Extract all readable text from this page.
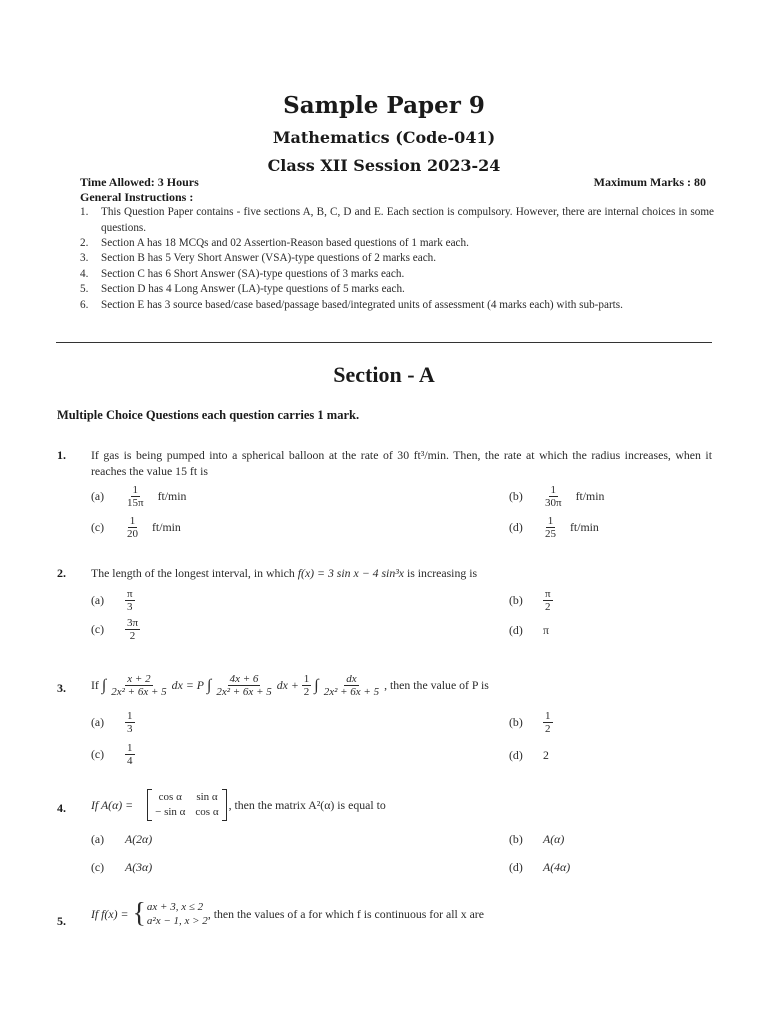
Sample Paper 9
Mathematics (Code-041)
Class XII Session 2023-24
Time Allowed: 3 Hours	Maximum Marks : 80
General Instructions :
1.	This Question Paper contains - five sections A, B, C, D and E. Each section is compulsory. However, there are internal choices in some questions.
2.	Section A has 18 MCQs and 02 Assertion-Reason based questions of 1 mark each.
3.	Section B has 5 Very Short Answer (VSA)-type questions of 2 marks each.
4.	Section C has 6 Short Answer (SA)-type questions of 3 marks each.
5.	Section D has 4 Long Answer (LA)-type questions of 5 marks each.
6.	Section E has 3 source based/case based/passage based/integrated units of assessment (4 marks each) with sub-parts.
Section - A
Multiple Choice Questions each question carries 1 mark.
1. If gas is being pumped into a spherical balloon at the rate of 30 ft³/min. Then, the rate at which the radius increases, when it reaches the value 15 ft is
(a)	$\frac{1}{15\pi} ft/\min$	(b)	$\frac{1}{30\pi} ft/\min$
(c)	$\frac{1}{20} ft/\min$	(d)	$\frac{1}{25} ft/\min$
2. The length of the longest interval, in which f(x) = 3 sin x − 4 sin³x is increasing is
(a)	$\frac{\pi}{3}$	(b)	$\frac{\pi}{2}$
(c)	$\frac{3\pi}{2}$	(d)	π
3. If ∫ $\frac{x + 2}{\text{2x² + 6x + 5}}$ dx = P ∫ $\frac{4x + 6}{\text{2x² + 6x + 5}}$ dx + $\frac{1}{2}$ ∫ $\frac{dx}{\text{2x² + 6x + 5}}$ , then the value of P is
(a)	$\frac{1}{3}$	(b)	$\frac{1}{2}$
(c)	$\frac{1}{4}$	(d)	2
4. If A(α) =
cos α	sin α
− sin α cos α
, then the matrix A²(α) is equal to
(a)	A(2α)	(b)	A(α)
(c)	A(3α)	(d)	A(4α)
5.
If f(x) = { ax + 3, x ≤ 2
a²x − 1, x > 2
, then the values of a for which f is continuous for all x are
